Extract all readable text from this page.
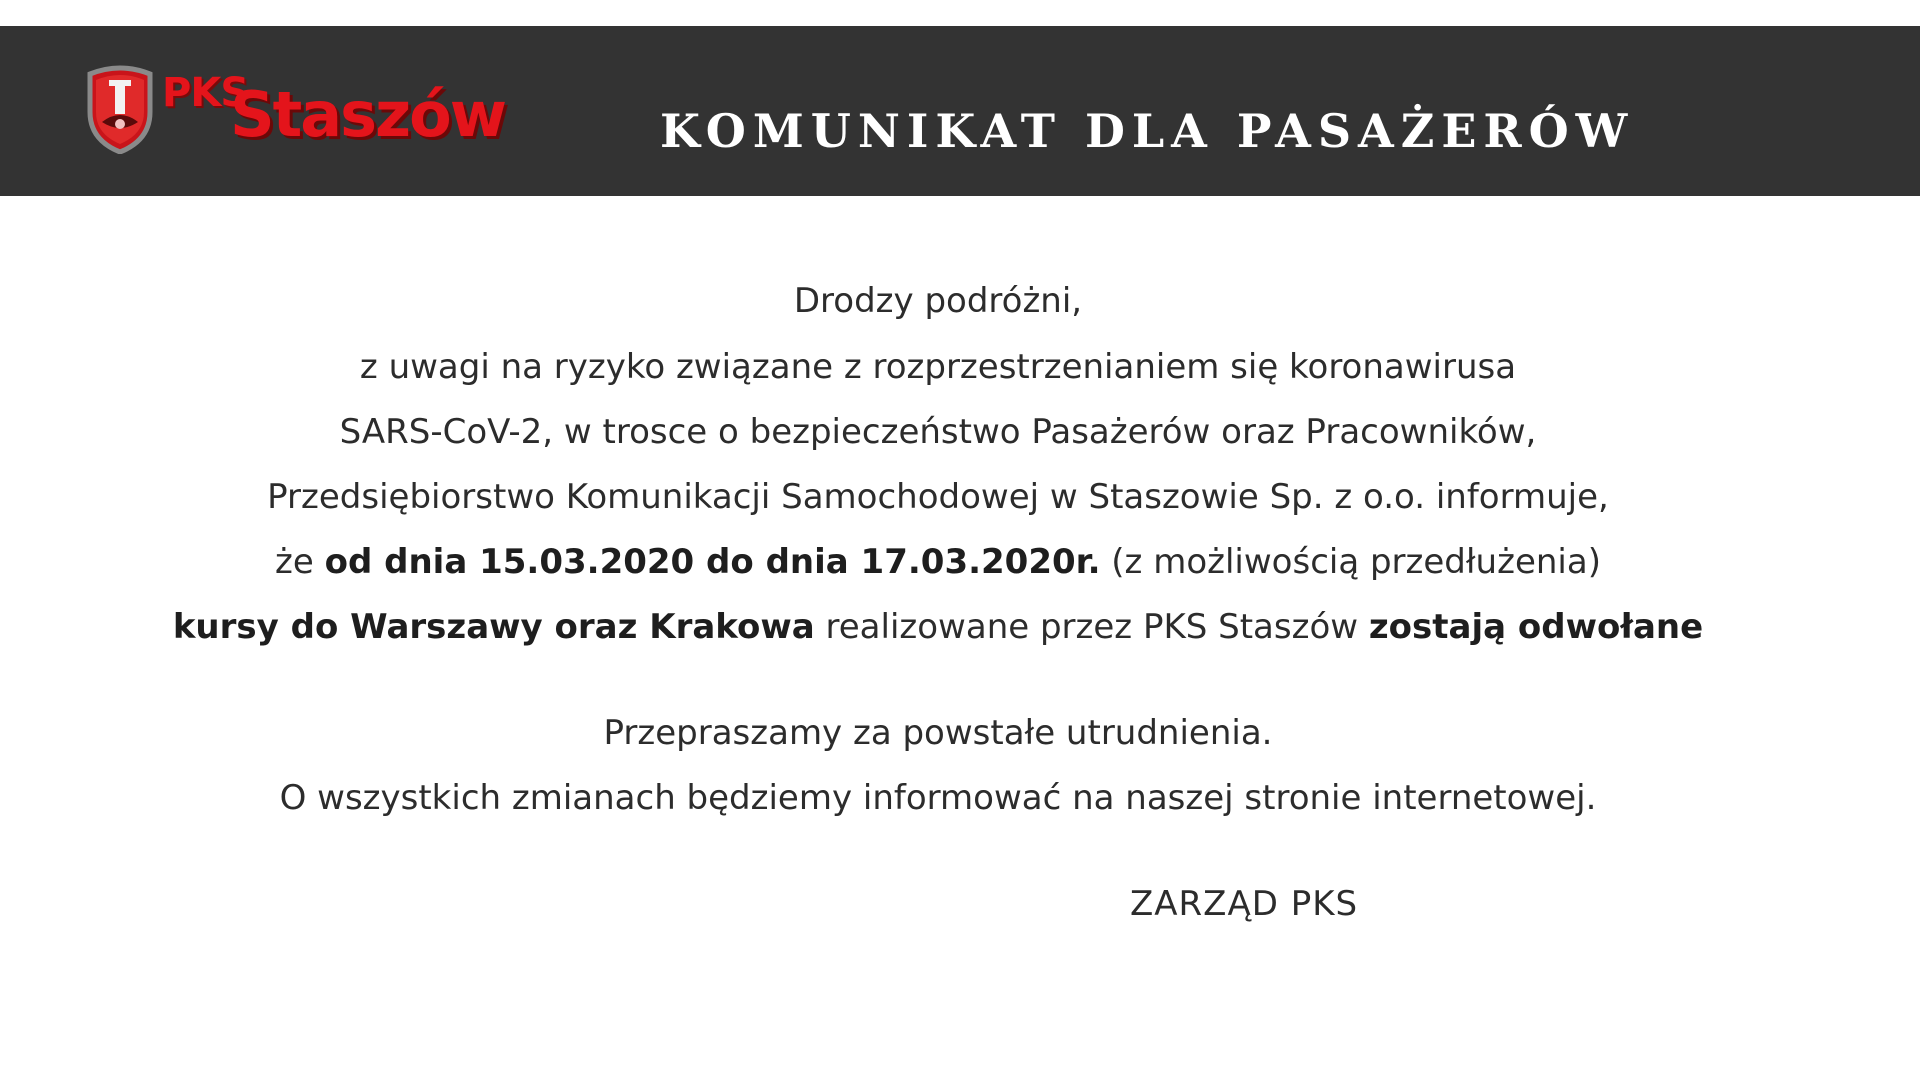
PKS
Staszów	KOMUNIKAT DLA PASAŻERÓW
Drodzy podróżni,
z uwagi na ryzyko związane z rozprzestrzenianiem się koronawirusa
SARS-CoV-2, w trosce o bezpieczeństwo Pasażerów oraz Pracowników,
Przedsiębiorstwo Komunikacji Samochodowej w Staszowie Sp. z o.o. informuje,
że od dnia 15.03.2020 do dnia 17.03.2020r. (z możliwością przedłużenia)
kursy do Warszawy oraz Krakowa realizowane przez PKS Staszów zostają odwołane
Przepraszamy za powstałe utrudnienia.
O wszystkich zmianach będziemy informować na naszej stronie internetowej.
ZARZĄD PKS
